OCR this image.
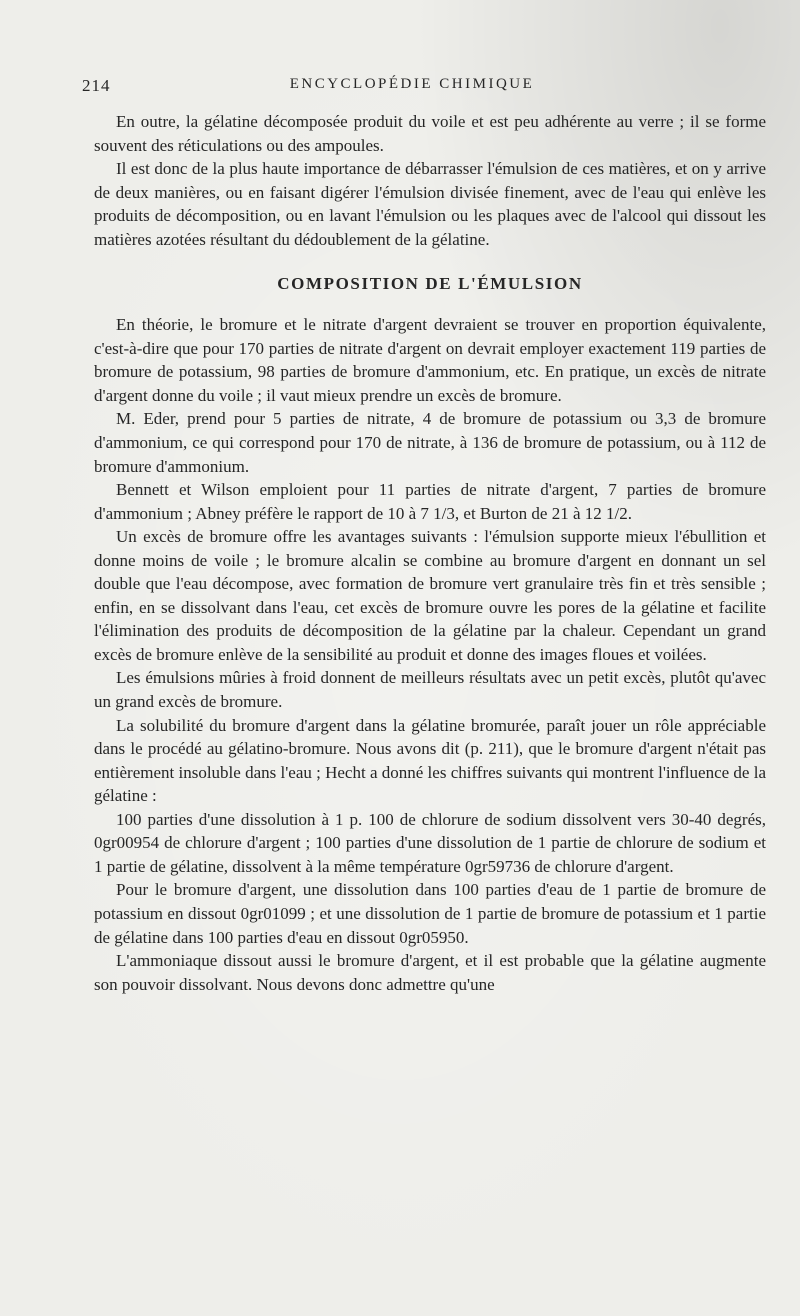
214	ENCYCLOPÉDIE CHIMIQUE

En outre, la gélatine décomposée produit du voile et est peu adhérente au verre ; il se forme souvent des réticulations ou des ampoules.

Il est donc de la plus haute importance de débarrasser l'émulsion de ces matières, et on y arrive de deux manières, ou en faisant digérer l'émulsion divisée finement, avec de l'eau qui enlève les produits de décomposition, ou en lavant l'émulsion ou les plaques avec de l'alcool qui dissout les matières azotées résultant du dédoublement de la gélatine.

COMPOSITION DE L'ÉMULSION

En théorie, le bromure et le nitrate d'argent devraient se trouver en proportion équivalente, c'est-à-dire que pour 170 parties de nitrate d'argent on devrait employer exactement 119 parties de bromure de potassium, 98 parties de bromure d'ammonium, etc. En pratique, un excès de nitrate d'argent donne du voile ; il vaut mieux prendre un excès de bromure.

M. Eder, prend pour 5 parties de nitrate, 4 de bromure de potassium ou 3,3 de bromure d'ammonium, ce qui correspond pour 170 de nitrate, à 136 de bromure de potassium, ou à 112 de bromure d'ammonium.

Bennett et Wilson emploient pour 11 parties de nitrate d'argent, 7 parties de bromure d'ammonium ; Abney préfère le rapport de 10 à 7 1/3, et Burton de 21 à 12 1/2.

Un excès de bromure offre les avantages suivants : l'émulsion supporte mieux l'ébullition et donne moins de voile ; le bromure alcalin se combine au bromure d'argent en donnant un sel double que l'eau décompose, avec formation de bromure vert granulaire très fin et très sensible ; enfin, en se dissolvant dans l'eau, cet excès de bromure ouvre les pores de la gélatine et facilite l'élimination des produits de décomposition de la gélatine par la chaleur. Cependant un grand excès de bromure enlève de la sensibilité au produit et donne des images floues et voilées.

Les émulsions mûries à froid donnent de meilleurs résultats avec un petit excès, plutôt qu'avec un grand excès de bromure.

La solubilité du bromure d'argent dans la gélatine bromurée, paraît jouer un rôle appréciable dans le procédé au gélatino-bromure. Nous avons dit (p. 211), que le bromure d'argent n'était pas entièrement insoluble dans l'eau ; Hecht a donné les chiffres suivants qui montrent l'influence de la gélatine :

100 parties d'une dissolution à 1 p. 100 de chlorure de sodium dissolvent vers 30-40 degrés, 0gr00954 de chlorure d'argent ; 100 parties d'une dissolution de 1 partie de chlorure de sodium et 1 partie de gélatine, dissolvent à la même température 0gr59736 de chlorure d'argent.

Pour le bromure d'argent, une dissolution dans 100 parties d'eau de 1 partie de bromure de potassium en dissout 0gr01099 ; et une dissolution de 1 partie de bromure de potassium et 1 partie de gélatine dans 100 parties d'eau en dissout 0gr05950.

L'ammoniaque dissout aussi le bromure d'argent, et il est probable que la gélatine augmente son pouvoir dissolvant. Nous devons donc admettre qu'une
